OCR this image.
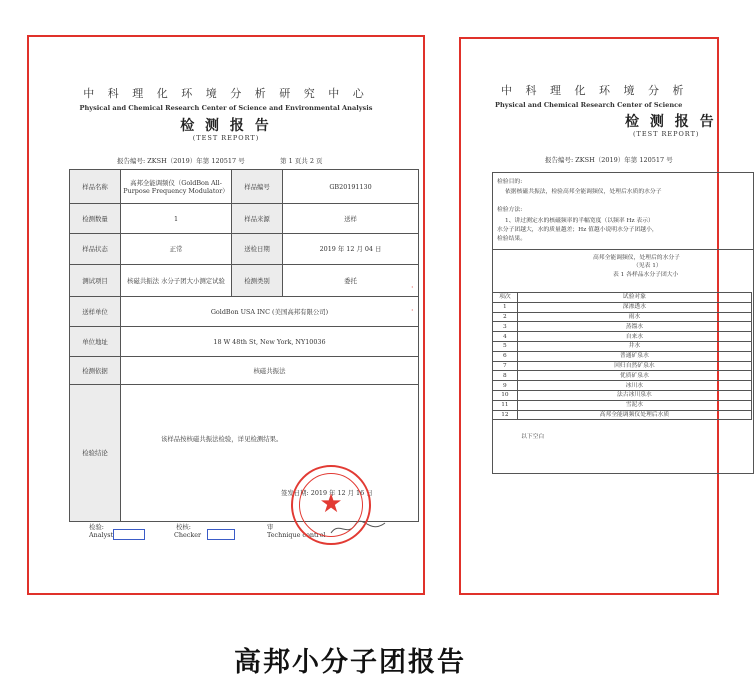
中 科 理 化 环 境 分 析 研 究 中 心
Physical and Chemical Research Center of Science and Environmental Analysis
检 测 报 告
(TEST REPORT)
报告编号: ZKSH（2019）年第 120517 号	第 1 页共 2 页
样品名称	高邦全能调频仪（GoldBon All-Purpose Frequency Modulator）	样品编号	GB20191130
检测数量	1	样品来源	送样
样品状态	正常	送检日期	2019 年 12 月 04 日
测试项目	核磁共振法 水分子团大小测定试验	检测类别	委托
送样单位	GoldBon USA INC (美国高邦有限公司)		
单位地址	18 W 48th St, New York, NY10036		
检测依据	核磁共振法		
检验结论	该样品按核磁共振法检验，详见检测结果。
签发日期: 2019 年 12 月 16 日		
检验:
Analyst
校核:
Checker
审
Technique control
★
·
·
中 科 理 化 环 境 分 析
Physical and Chemical Research Center of Science
检 测 报 告
(TEST REPORT)
报告编号: ZKSH（2019）年第 120517 号
检验目的:
依据核磁共振法，检验高邦全能调频仪，处理后水质的水分子
检验方法:
1、讲过测定水的核磁频率的半幅宽度（以频率 Hz 表示）
水分子团越大，水的质量越差；Hz 值越小说明水分子团越小，
检验结果。
高邦全能调频仪，处理后的水分子
（见表 1）
表 1 各样品水分子团大小
项次	试验对象
1	深渗透水
2	雨水
3	蒸馏水
4	自来水
5	井水
6	普通矿泉水
7	回归自然矿泉水
8	优质矿泉水
9	冰川水
10	法古冰川泉水
11	雪泥水
12	高邦全能调频仪处理后水质
以下空白
高邦小分子团报告
